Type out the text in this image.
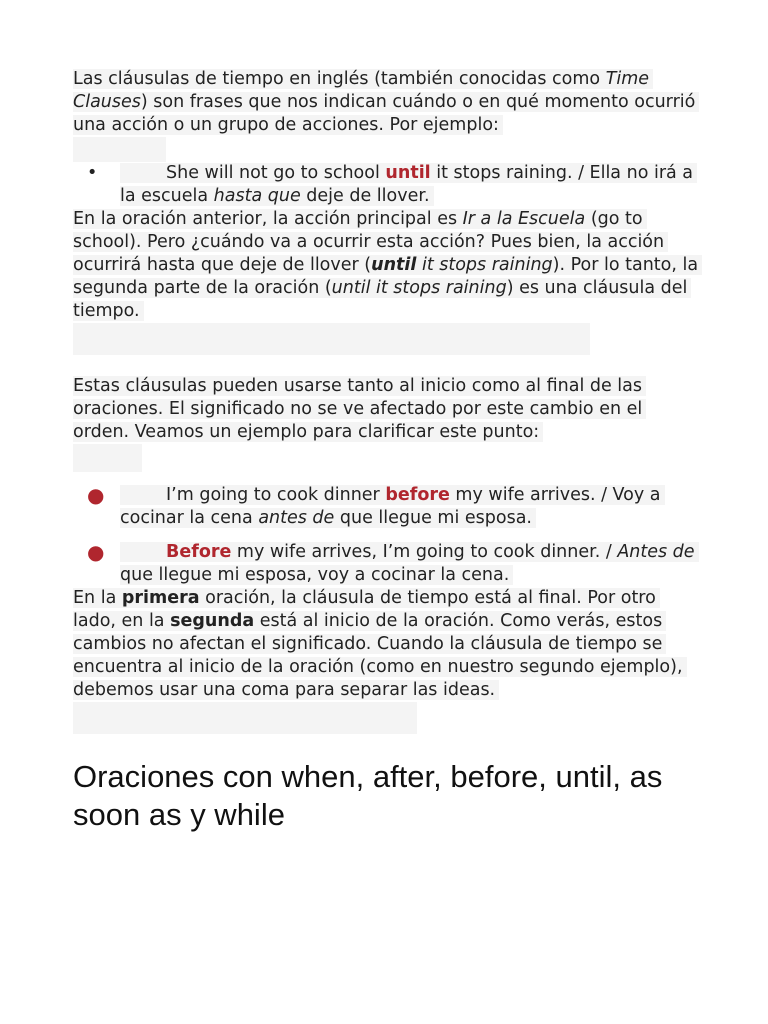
Las cláusulas de tiempo en inglés (también conocidas como Time Clauses) son frases que nos indican cuándo o en qué momento ocurrió una acción o un grupo de acciones. Por ejemplo:

•	She will not go to school until it stops raining. / Ella no irá a la escuela hasta que deje de llover.

En la oración anterior, la acción principal es Ir a la Escuela (go to school). Pero ¿cuándo va a ocurrir esta acción? Pues bien, la acción ocurrirá hasta que deje de llover (until it stops raining). Por lo tanto, la segunda parte de la oración (until it stops raining) es una cláusula del tiempo.

Estas cláusulas pueden usarse tanto al inicio como al final de las oraciones. El significado no se ve afectado por este cambio en el orden. Veamos un ejemplo para clarificar este punto:

●	I’m going to cook dinner before my wife arrives. / Voy a cocinar la cena antes de que llegue mi esposa.
●	Before my wife arrives, I’m going to cook dinner. / Antes de que llegue mi esposa, voy a cocinar la cena.

En la primera oración, la cláusula de tiempo está al final. Por otro lado, en la segunda está al inicio de la oración. Como verás, estos cambios no afectan el significado. Cuando la cláusula de tiempo se encuentra al inicio de la oración (como en nuestro segundo ejemplo), debemos usar una coma para separar las ideas.

Oraciones con when, after, before, until, as soon as y while
